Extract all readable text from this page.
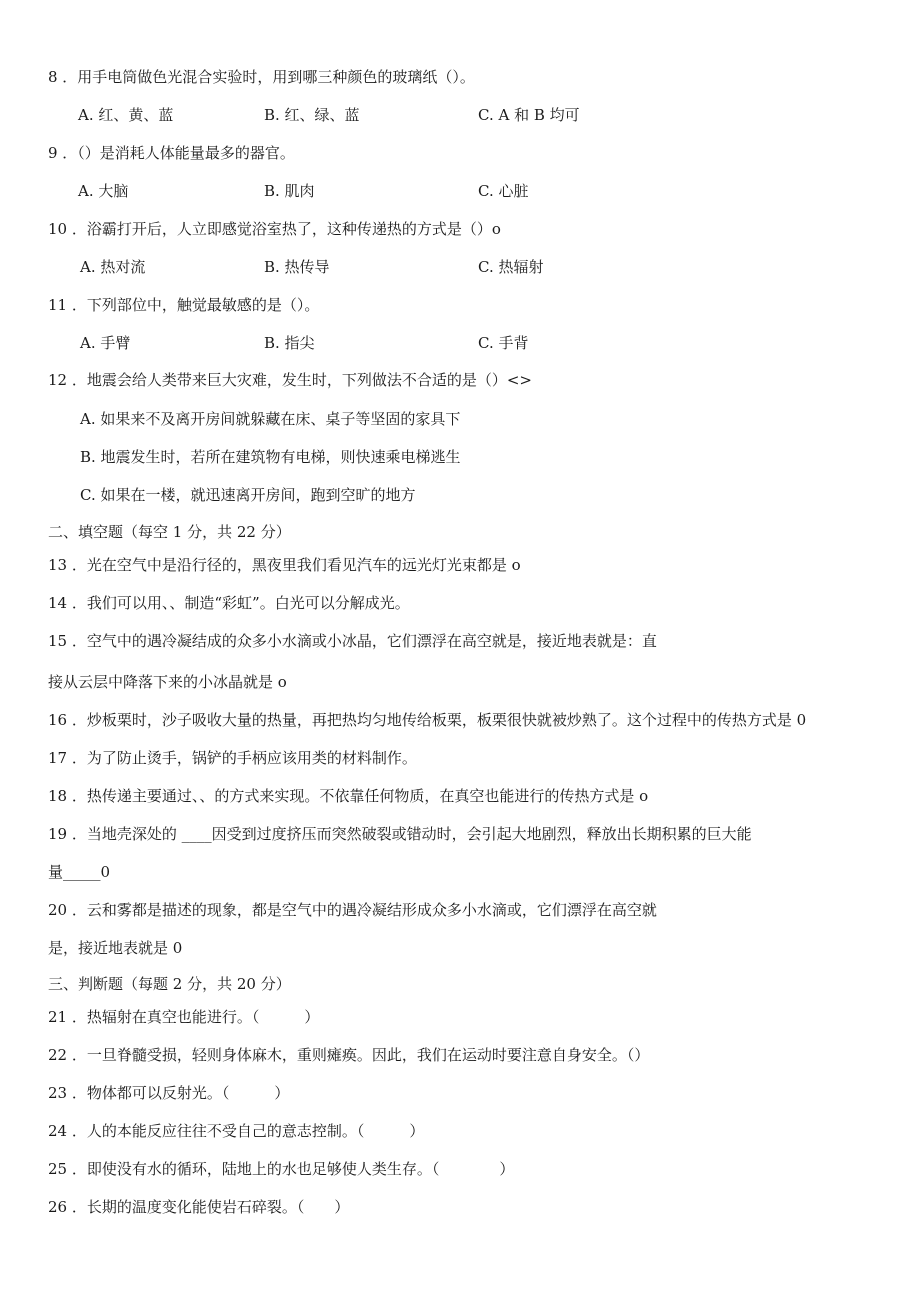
8 ．用手电筒做色光混合实验时，用到哪三种颜色的玻璃纸（）。
A. 红、黄、蓝	B. 红、绿、蓝	C. A 和 B 均可
9 ．（）是消耗人体能量最多的器官。
A. 大脑	B. 肌肉	C. 心脏
10 ．浴霸打开后，人立即感觉浴室热了，这种传递热的方式是（）o
A. 热对流	B. 热传导	C. 热辐射
11 ．下列部位中，触觉最敏感的是（）。
A. 手臂	B. 指尖	C. 手背
12 ．地震会给人类带来巨大灾难，发生时，下列做法不合适的是（）<>
A. 如果来不及离开房间就躲藏在床、桌子等坚固的家具下
B. 地震发生时，若所在建筑物有电梯，则快速乘电梯逃生
C. 如果在一楼，就迅速离开房间，跑到空旷的地方
二、填空题（每空 1 分，共 22 分）
13 ．光在空气中是沿行径的，黑夜里我们看见汽车的远光灯光束都是 o
14 ．我们可以用、、制造“彩虹”。白光可以分解成光。
15 ．空气中的遇冷凝结成的众多小水滴或小冰晶，它们漂浮在高空就是，接近地表就是：直
接从云层中降落下来的小冰晶就是 o
16 ．炒板栗时，沙子吸收大量的热量，再把热均匀地传给板栗，板栗很快就被炒熟了。这个过程中的传热方式是 0
17 ．为了防止烫手，锅铲的手柄应该用类的材料制作。
18 ．热传递主要通过、、的方式来实现。不依靠任何物质，在真空也能进行的传热方式是 o
19 ．当地壳深处的 ____因受到过度挤压而突然破裂或错动时，会引起大地剧烈，释放出长期积累的巨大能
量_____0
20 ．云和雾都是描述的现象，都是空气中的遇冷凝结形成众多小水滴或，它们漂浮在高空就
是，接近地表就是 0
三、判断题（每题 2 分，共 20 分）
21 ．热辐射在真空也能进行。（　　　）
22 ．一旦脊髓受损，轻则身体麻木，重则瘫痪。因此，我们在运动时要注意自身安全。（）
23 ．物体都可以反射光。（　　　）
24 ．人的本能反应往往不受自己的意志控制。（　　　）
25 ．即使没有水的循环，陆地上的水也足够使人类生存。（　　　　）
26 ．长期的温度变化能使岩石碎裂。（　　）
